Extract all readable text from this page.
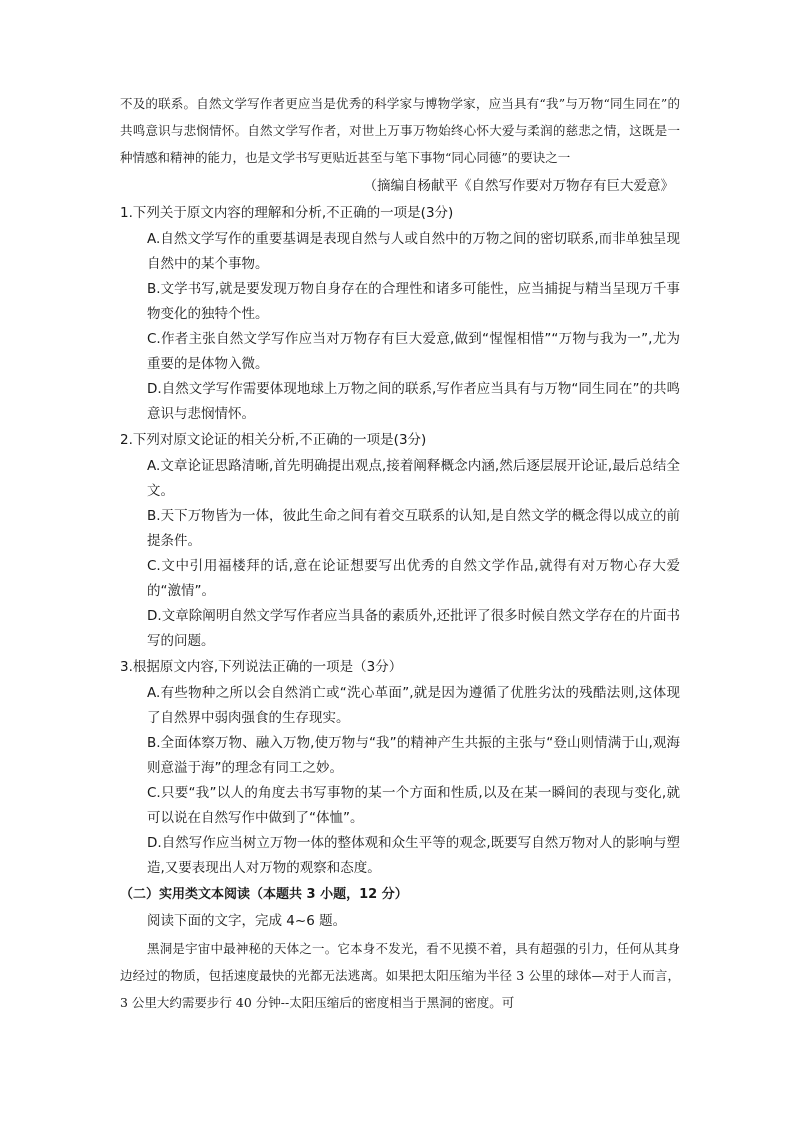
不及的联系。自然文学写作者更应当是优秀的科学家与博物学家，应当具有“我”与万物“同生同在”的共鸣意识与悲悯情怀。自然文学写作者，对世上万事万物始终心怀大爱与柔润的慈悲之情，这既是一种情感和精神的能力，也是文学书写更贴近甚至与笔下事物“同心同德”的要诀之一

（摘编自杨献平《自然写作要对万物存有巨大爱意》

1.下列关于原文内容的理解和分析,不正确的一项是(3分)

A.自然文学写作的重要基调是表现自然与人或自然中的万物之间的密切联系,而非单独呈现自然中的某个事物。

B.文学书写,就是要发现万物自身存在的合理性和诸多可能性，应当捕捉与精当呈现万千事物变化的独特个性。

C.作者主张自然文学写作应当对万物存有巨大爱意,做到“惺惺相惜”“万物与我为一”,尤为重要的是体物入微。

D.自然文学写作需要体现地球上万物之间的联系,写作者应当具有与万物“同生同在”的共鸣意识与悲悯情怀。

2.下列对原文论证的相关分析,不正确的一项是(3分)

A.文章论证思路清晰,首先明确提出观点,接着阐释概念内涵,然后逐层展开论证,最后总结全文。

B.天下万物皆为一体，彼此生命之间有着交互联系的认知,是自然文学的概念得以成立的前提条件。

C.文中引用福楼拜的话,意在论证想要写出优秀的自然文学作品,就得有对万物心存大爱的“激情”。

D.文章除阐明自然文学写作者应当具备的素质外,还批评了很多时候自然文学存在的片面书写的问题。

3.根据原文内容,下列说法正确的一项是（3分）

A.有些物种之所以会自然消亡或“洗心革面”,就是因为遵循了优胜劣汰的残酷法则,这体现了自然界中弱肉强食的生存现实。

B.全面体察万物、融入万物,使万物与“我”的精神产生共振的主张与“登山则情满于山,观海则意溢于海”的理念有同工之妙。

C.只要“我”以人的角度去书写事物的某一个方面和性质,以及在某一瞬间的表现与变化,就可以说在自然写作中做到了“体恤”。

D.自然写作应当树立万物一体的整体观和众生平等的观念,既要写自然万物对人的影响与塑造,又要表现出人对万物的观察和态度。

（二）实用类文本阅读（本题共 3 小题，12 分）

阅读下面的文字，完成 4~6 题。

黑洞是宇宙中最神秘的天体之一。它本身不发光，看不见摸不着，具有超强的引力，任何从其身边经过的物质，包括速度最快的光都无法逃离。如果把太阳压缩为半径 3 公里的球体—对于人而言，3 公里大约需要步行 40 分钟--太阳压缩后的密度相当于黑洞的密度。可
